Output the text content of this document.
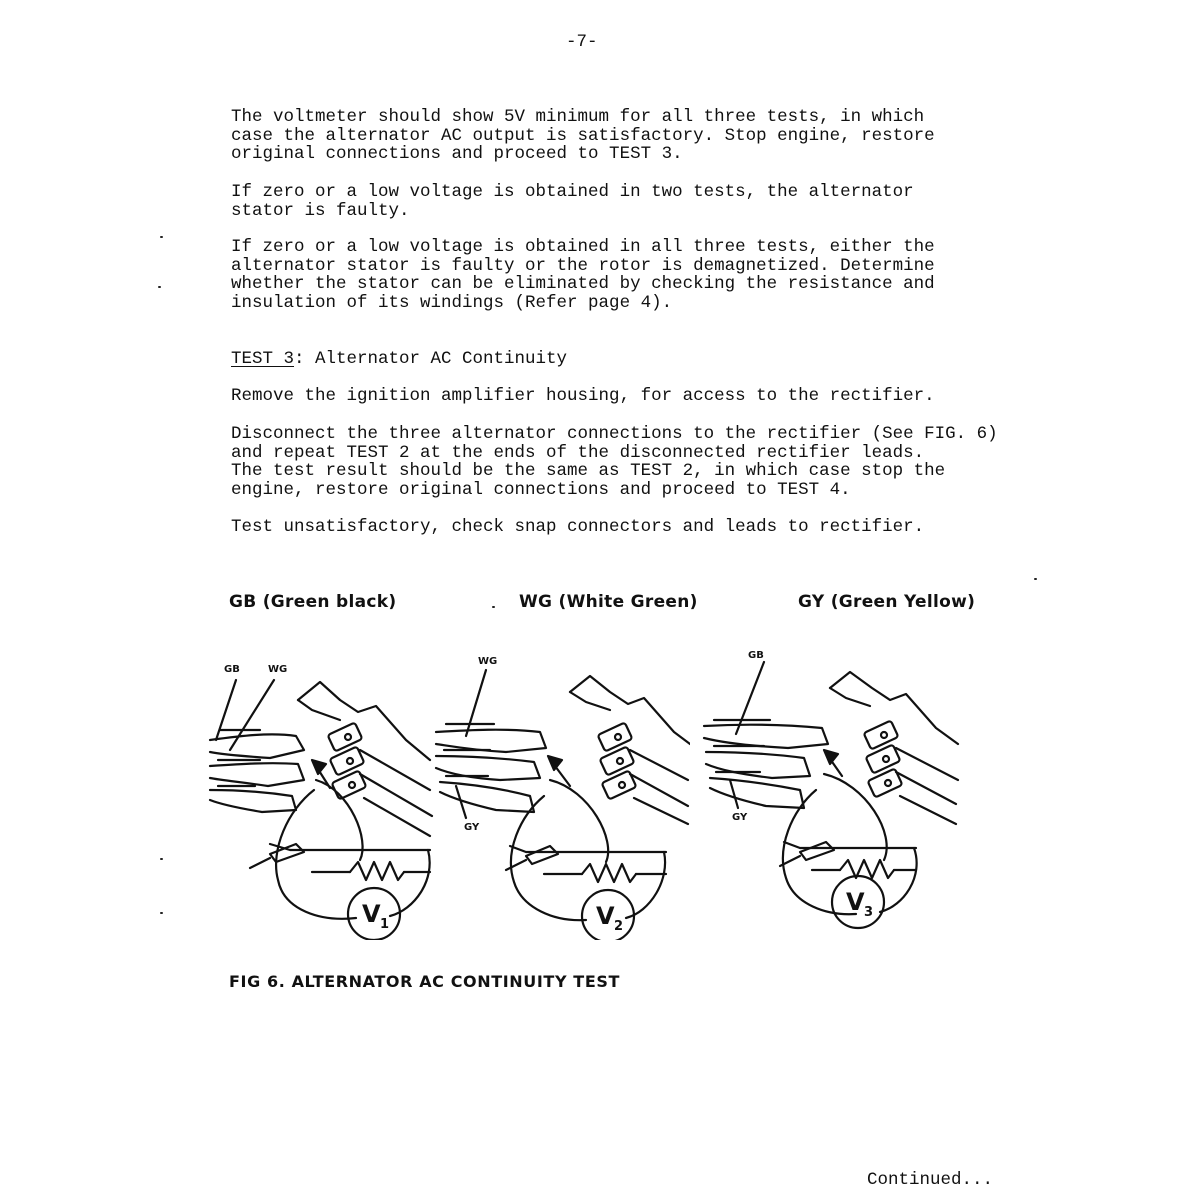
-7-
The voltmeter should show 5V minimum for all three tests, in which
case the alternator AC output is satisfactory. Stop engine, restore
original connections and proceed to TEST 3.
If zero or a low voltage is obtained in two tests, the alternator
stator is faulty.
If zero or a low voltage is obtained in all three tests, either the
alternator stator is faulty or the rotor is demagnetized. Determine
whether the stator can be eliminated by checking the resistance and
insulation of its windings (Refer page 4).
TEST 3: Alternator AC Continuity
Remove the ignition amplifier housing, for access to the rectifier.
Disconnect the three alternator connections to the rectifier (See FIG. 6)
and repeat TEST 2 at the ends of the disconnected rectifier leads.
The test result should be the same as TEST 2, in which case stop the
engine, restore original connections and proceed to TEST 4.
Test unsatisfactory, check snap connectors and leads to rectifier.
GB (Green black)	WG (White Green)	GY (Green Yellow)
GB	WG
V 1
WG
GY
V 2
GB
GY
V 3
FIG 6. ALTERNATOR AC CONTINUITY TEST
Continued...
